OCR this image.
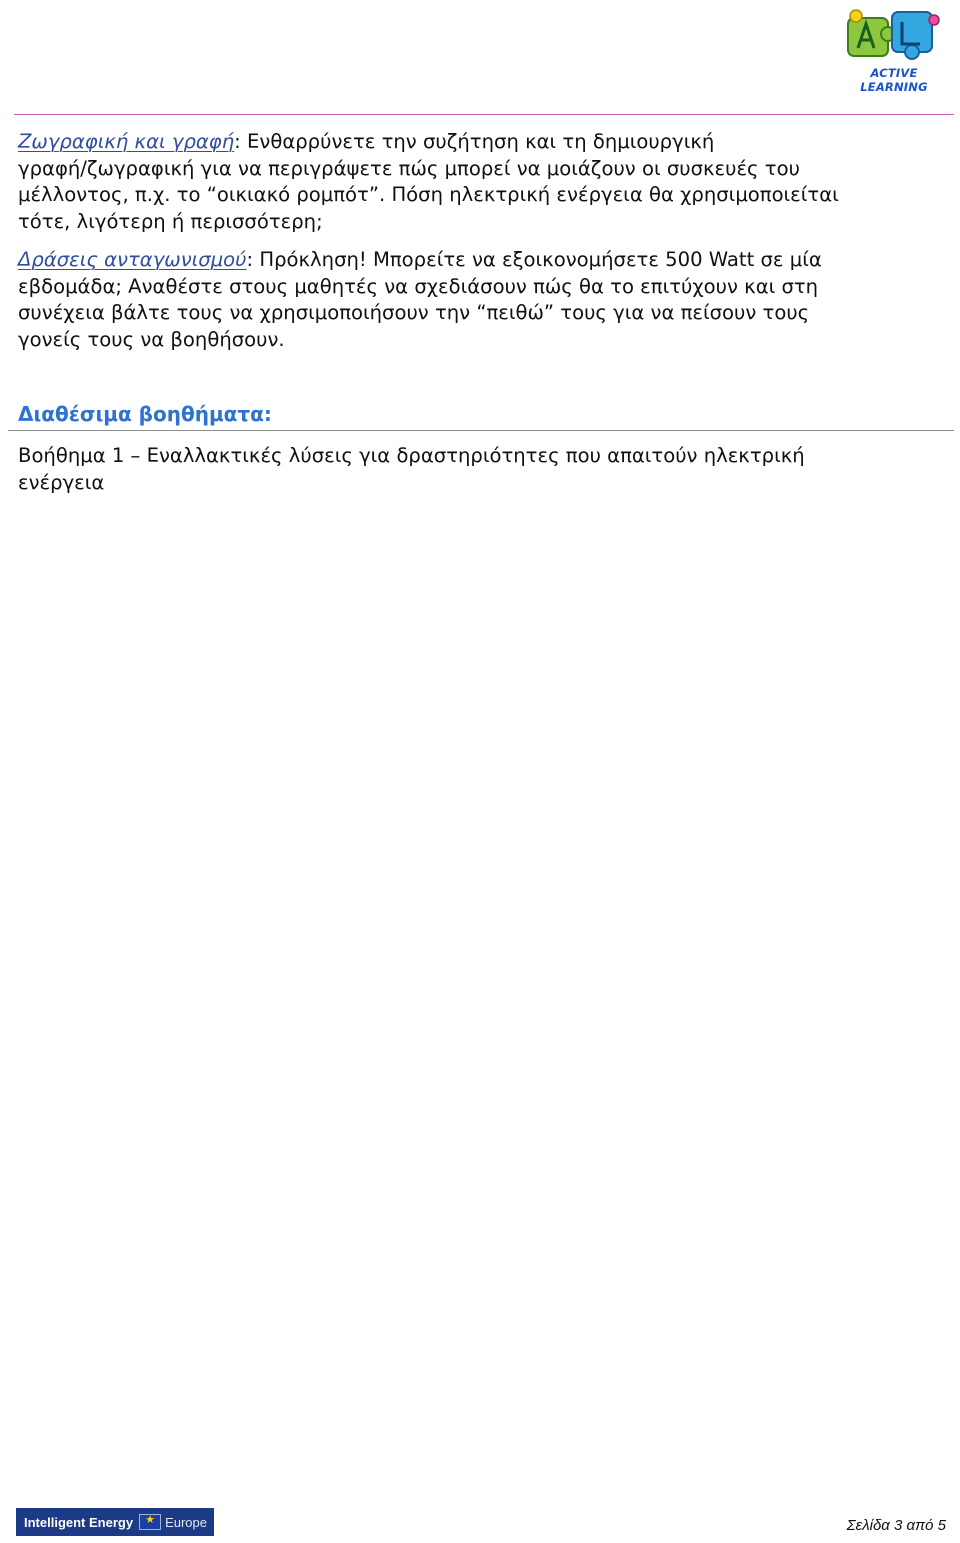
ACTIVE LEARNING
Ζωγραφική και γραφή: Ενθαρρύνετε την συζήτηση και τη δημιουργική
γραφή/ζωγραφική για να περιγράψετε πώς μπορεί να μοιάζουν οι συσκευές του
μέλλοντος, π.χ. το “οικιακό ρομπότ”. Πόση ηλεκτρική ενέργεια θα χρησιμοποιείται
τότε, λιγότερη ή περισσότερη;
Δράσεις ανταγωνισμού: Πρόκληση! Μπορείτε να εξοικονομήσετε 500 Watt σε μία
εβδομάδα; Αναθέστε στους μαθητές να σχεδιάσουν πώς θα το επιτύχουν και στη
συνέχεια βάλτε τους να χρησιμοποιήσουν την “πειθώ” τους για να πείσουν τους
γονείς τους να βοηθήσουν.
Διαθέσιμα βοηθήματα:
Βοήθημα 1 – Εναλλακτικές λύσεις για δραστηριότητες που απαιτούν ηλεκτρική
ενέργεια
Intelligent Energy
★ Europe	Σελίδα 3 από 5
